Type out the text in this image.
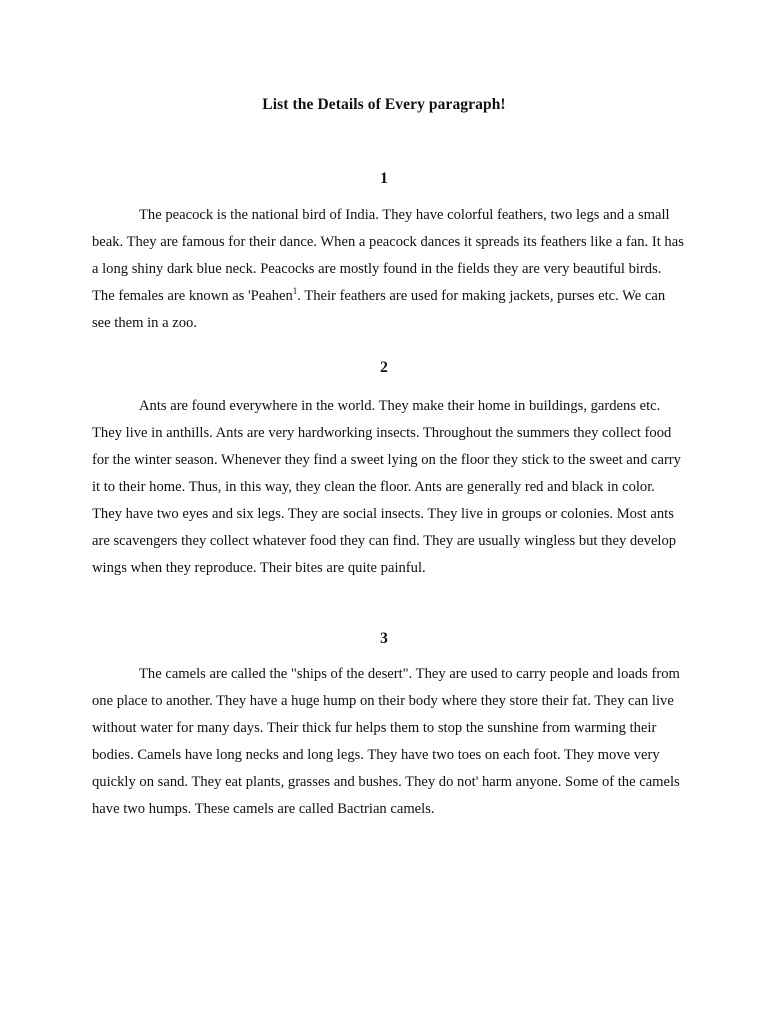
List the Details of Every paragraph!
1

The peacock is the national bird of India. They have colorful feathers, two legs and a small beak. They are famous for their dance. When a peacock dances it spreads its feathers like a fan. It has a long shiny dark blue neck. Peacocks are mostly found in the fields they are very beautiful birds. The females are known as 'Peahen$^1$. Their feathers are used for making jackets, purses etc. We can see them in a zoo.

2

Ants are found everywhere in the world. They make their home in buildings, gardens etc. They live in anthills. Ants are very hardworking insects. Throughout the summers they collect food for the winter season. Whenever they find a sweet lying on the floor they stick to the sweet and carry it to their home. Thus, in this way, they clean the floor. Ants are generally red and black in color. They have two eyes and six legs. They are social insects. They live in groups or colonies. Most ants are scavengers they collect whatever food they can find. They are usually wingless but they develop wings when they reproduce. Their bites are quite painful.

3

The camels are called the "ships of the desert". They are used to carry people and loads from one place to another. They have a huge hump on their body where they store their fat. They can live without water for many days. Their thick fur helps them to stop the sunshine from warming their bodies. Camels have long necks and long legs. They have two toes on each foot. They move very quickly on sand. They eat plants, grasses and bushes. They do not' harm anyone. Some of the camels have two humps. These camels are called Bactrian camels.
